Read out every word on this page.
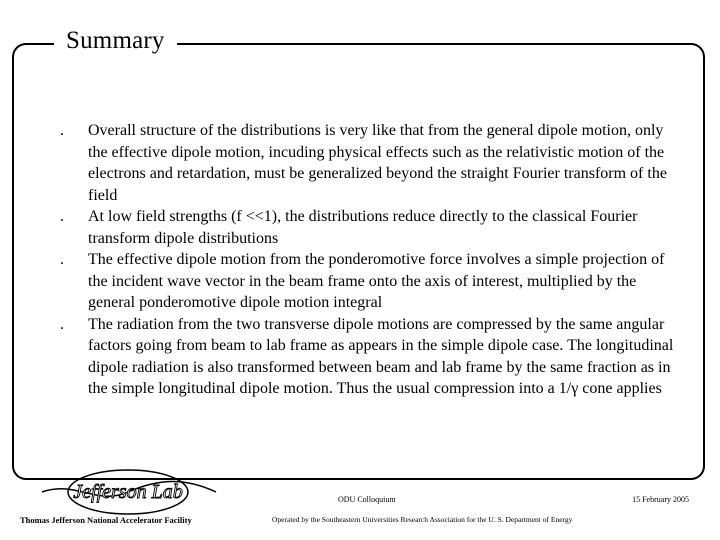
Summary
. Overall structure of the distributions is very like that from the general dipole motion, only the effective dipole motion, incuding physical effects such as the relativistic motion of the electrons and retardation, must be generalized beyond the straight Fourier transform of the field
. At low field strengths (f <<1), the distributions reduce directly to the classical Fourier transform dipole distributions
. The effective dipole motion from the ponderomotive force involves a simple projection of the incident wave vector in the beam frame onto the axis of interest, multiplied by the general ponderomotive dipole motion integral
. The radiation from the two transverse dipole motions are compressed by the same angular factors going from beam to lab frame as appears in the simple dipole case. The longitudinal dipole radiation is also transformed between beam and lab frame by the same fraction as in the simple longitudinal dipole motion. Thus the usual compression into a 1/γ cone applies
Jefferson Lab
Thomas Jefferson National Accelerator Facility
ODU Colloquium	15 February 2005
Operated by the Southeastern Universities Research Association for the U. S. Department of Energy
